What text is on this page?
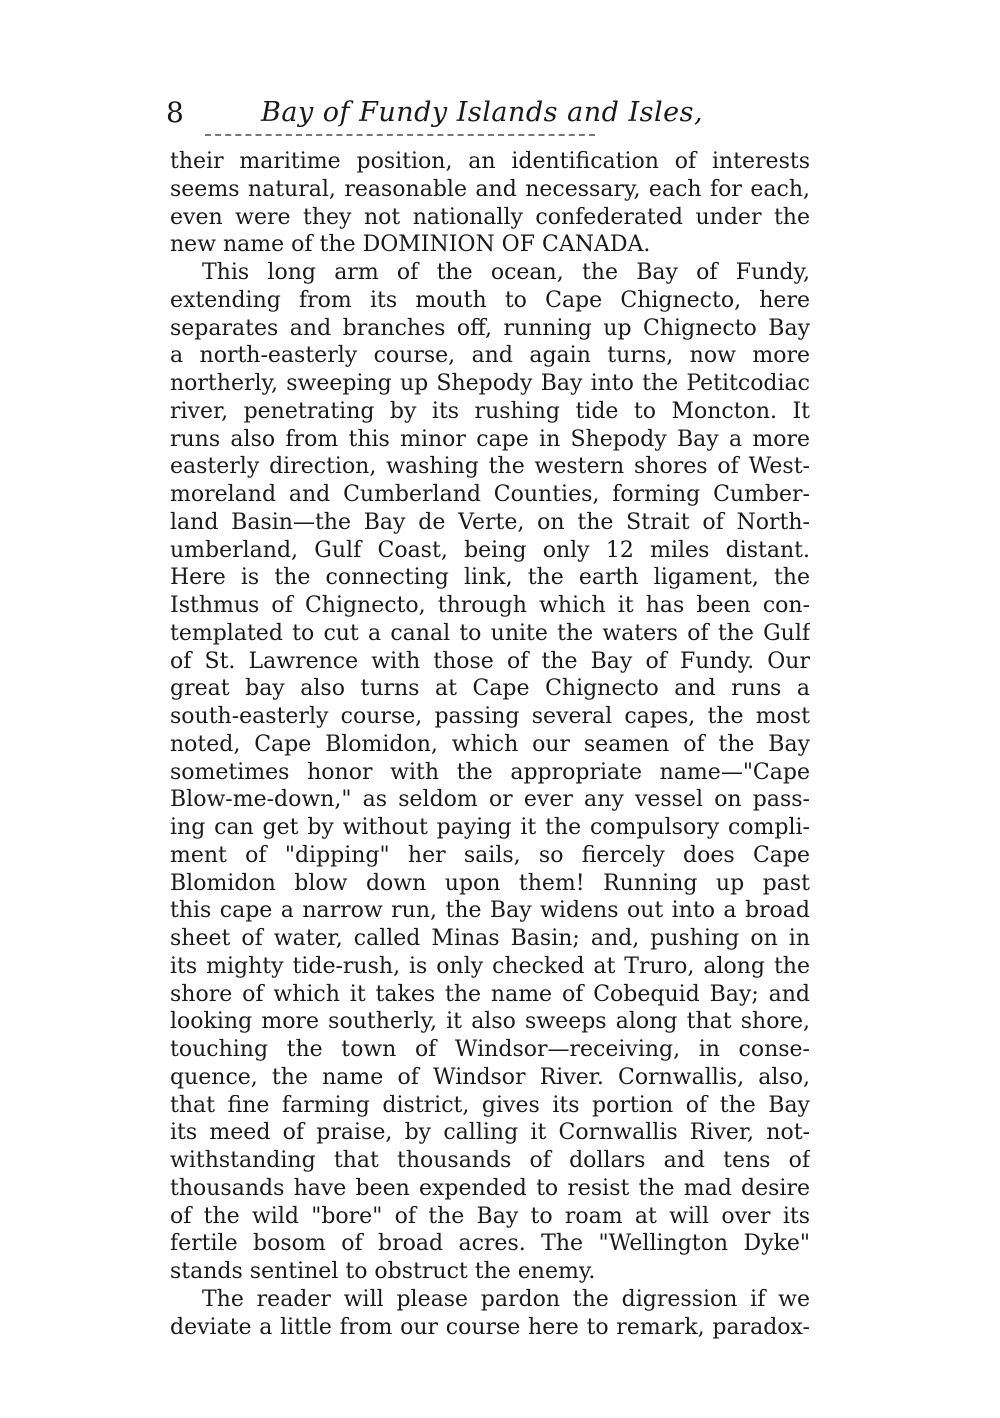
8	Bay of Fundy Islands and Isles,
their maritime position, an identification of interests
seems natural, reasonable and necessary, each for each,
even were they not nationally confederated under the
new name of the DOMINION OF CANADA.
This long arm of the ocean, the Bay of Fundy,
extending from its mouth to Cape Chignecto, here
separates and branches off, running up Chignecto Bay
a north-easterly course, and again turns, now more
northerly, sweeping up Shepody Bay into the Petitcodiac
river, penetrating by its rushing tide to Moncton. It
runs also from this minor cape in Shepody Bay a more
easterly direction, washing the western shores of West-
moreland and Cumberland Counties, forming Cumber-
land Basin—the Bay de Verte, on the Strait of North-
umberland, Gulf Coast, being only 12 miles distant.
Here is the connecting link, the earth ligament, the
Isthmus of Chignecto, through which it has been con-
templated to cut a canal to unite the waters of the Gulf
of St. Lawrence with those of the Bay of Fundy. Our
great bay also turns at Cape Chignecto and runs a
south-easterly course, passing several capes, the most
noted, Cape Blomidon, which our seamen of the Bay
sometimes honor with the appropriate name—"Cape
Blow-me-down," as seldom or ever any vessel on pass-
ing can get by without paying it the compulsory compli-
ment of "dipping" her sails, so fiercely does Cape
Blomidon blow down upon them! Running up past
this cape a narrow run, the Bay widens out into a broad
sheet of water, called Minas Basin; and, pushing on in
its mighty tide-rush, is only checked at Truro, along the
shore of which it takes the name of Cobequid Bay; and
looking more southerly, it also sweeps along that shore,
touching the town of Windsor—receiving, in conse-
quence, the name of Windsor River. Cornwallis, also,
that fine farming district, gives its portion of the Bay
its meed of praise, by calling it Cornwallis River, not-
withstanding that thousands of dollars and tens of
thousands have been expended to resist the mad desire
of the wild "bore" of the Bay to roam at will over its
fertile bosom of broad acres. The "Wellington Dyke"
stands sentinel to obstruct the enemy.
The reader will please pardon the digression if we
deviate a little from our course here to remark, paradox-
